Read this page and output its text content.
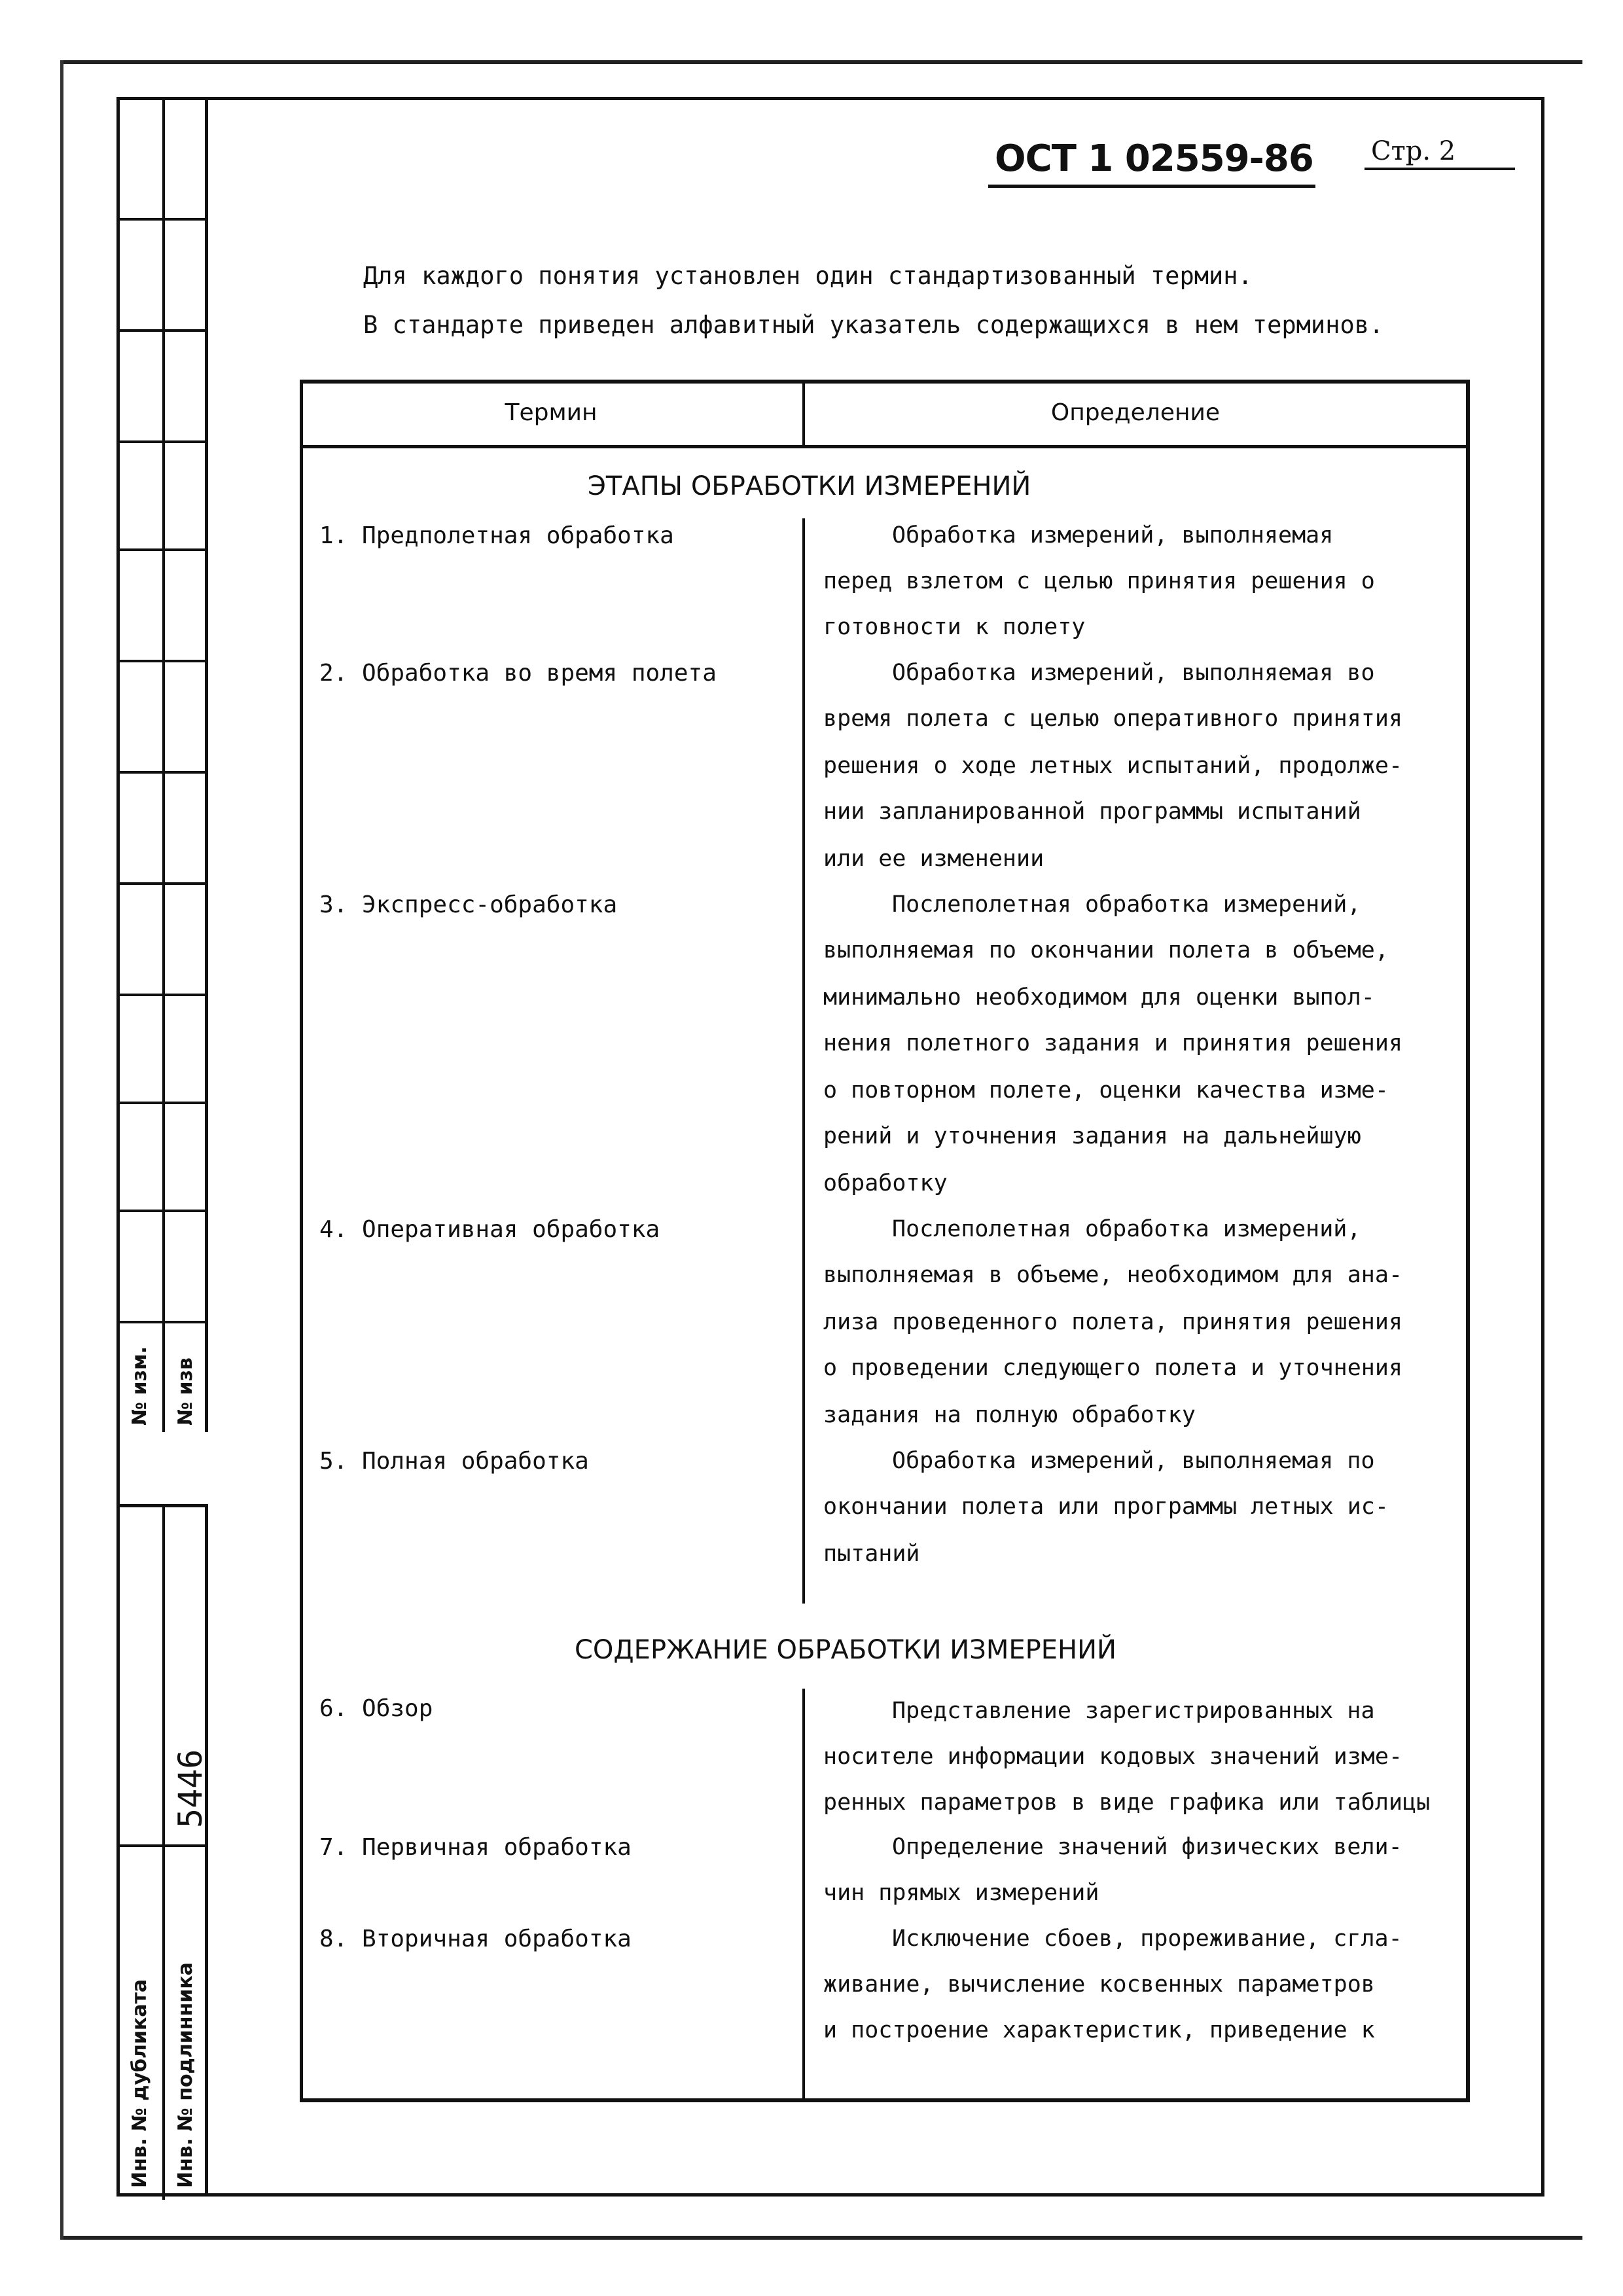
№ изм. № изв
Инв. № дубликата Инв. № подлинника
5446
ОСТ 1 02559-86 Стр. 2
Для каждого понятия установлен один стандартизованный термин.
В стандарте приведен алфавитный указатель содержащихся в нем терминов.
Термин	Определение
ЭТАПЫ ОБРАБОТКИ ИЗМЕРЕНИЙ
1. Предполетная обработка	Обработка измерений, выполняемая
перед взлетом с целью принятия решения о
готовности к полету
2. Обработка во время полета	Обработка измерений, выполняемая во
время полета с целью оперативного принятия
решения о ходе летных испытаний, продолже-
нии запланированной программы испытаний
или ее изменении
3. Экспресс-обработка	Послеполетная обработка измерений,
выполняемая по окончании полета в объеме,
минимально необходимом для оценки выпол-
нения полетного задания и принятия решения
о повторном полете, оценки качества изме-
рений и уточнения задания на дальнейшую
обработку
4. Оперативная обработка	Послеполетная обработка измерений,
выполняемая в объеме, необходимом для ана-
лиза проведенного полета, принятия решения
о проведении следующего полета и уточнения
задания на полную обработку
5. Полная обработка	Обработка измерений, выполняемая по
окончании полета или программы летных ис-
пытаний
СОДЕРЖАНИЕ ОБРАБОТКИ ИЗМЕРЕНИЙ
6. Обзор	Представление зарегистрированных на
носителе информации кодовых значений изме-
ренных параметров в виде графика или таблицы
7. Первичная обработка	Определение значений физических вели-
чин прямых измерений
8. Вторичная обработка	Исключение сбоев, прореживание, сгла-
живание, вычисление косвенных параметров
и построение характеристик, приведение к
